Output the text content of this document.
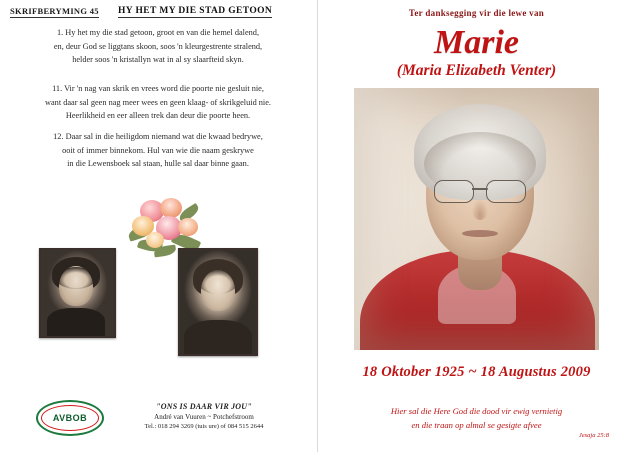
SKRIFBERYMING 45 HY HET MY DIE STAD GETOON
1. Hy het my die stad getoon, groot en van die hemel dalend,
en, deur God se liggtans skoon, soos 'n kleurgestrente stralend,
helder soos 'n kristallyn wat in al sy slaarfteid skyn.
11. Vir 'n nag van skrik en vrees word die poorte nie gesluit nie,
want daar sal geen nag meer wees en geen klaag- of skrikgeluid nie.
Heerlikheid en eer alleen trek dan deur die poorte heen.
12. Daar sal in die heiligdom niemand wat die kwaad bedrywe,
ooit of immer binnekom. Hul van wie die naam geskrywe
in die Lewensboek sal staan, hulle sal daar binne gaan.
AVBOB
"ONS IS DAAR VIR JOU"
André van Vuuren ~ Potchefstroom
Tel.: 018 294 3269 (tuis ure) of 084 515 2644
Ter danksegging vir die lewe van
Marie
(Maria Elizabeth Venter)
18 Oktober 1925 ~ 18 Augustus 2009
Hier sal die Here God die dood vir ewig vernietig
en die traan op almal se gesigte afvee
Jesaja 25:8
